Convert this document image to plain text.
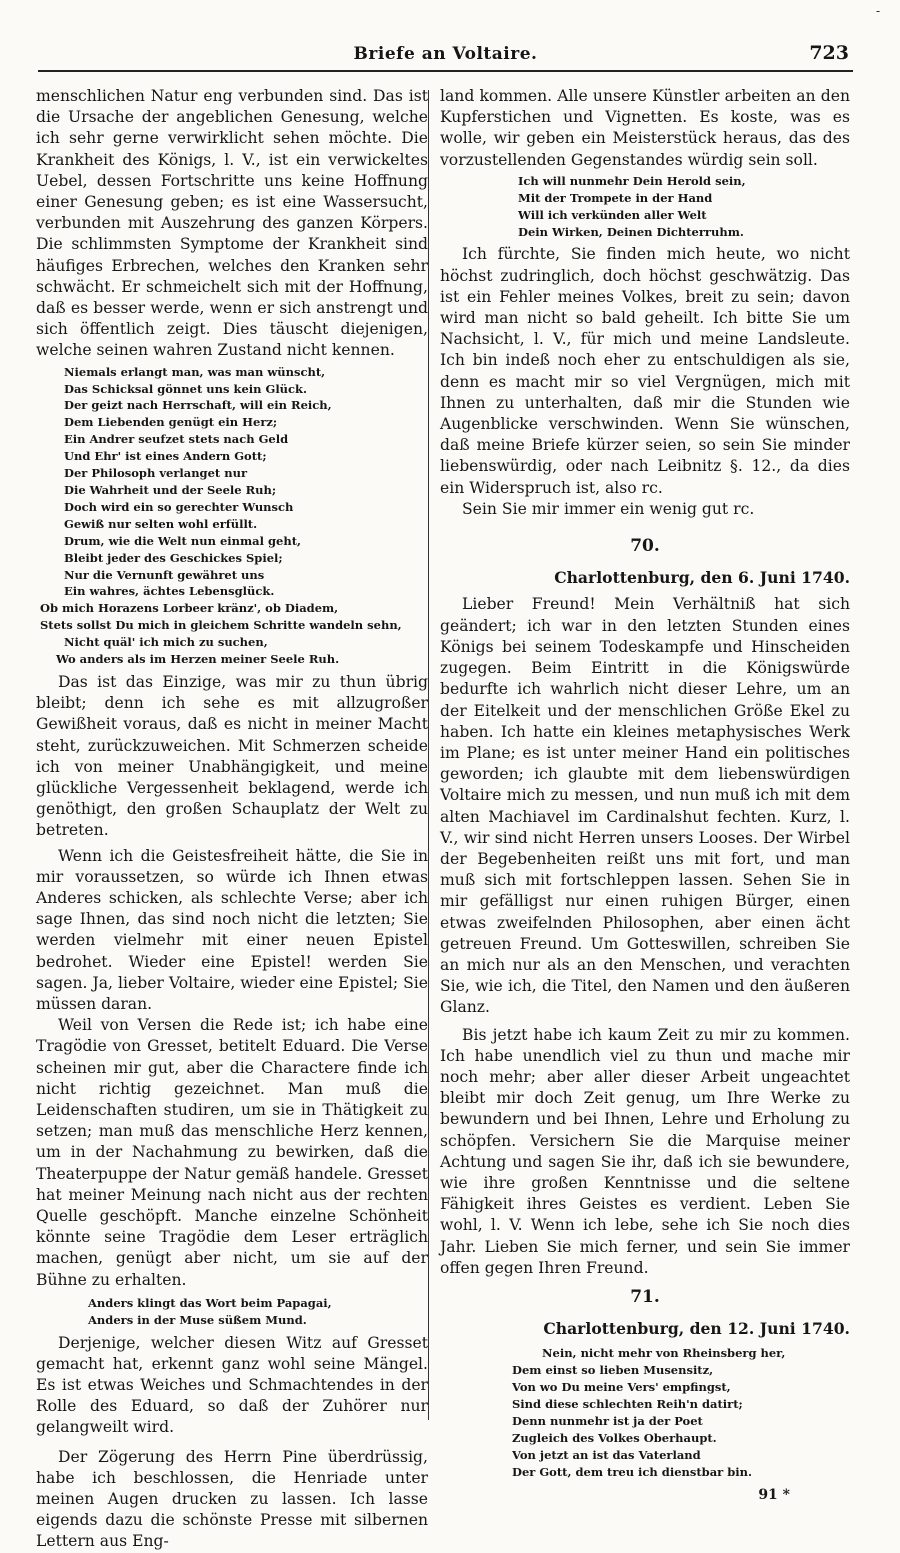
-
Briefe an Voltaire.	723

menschlichen Natur eng verbunden sind. Das ist die Ursache der angeblichen Genesung, welche ich sehr gerne verwirklicht sehen möchte. Die Krankheit des Königs, l. V., ist ein verwickeltes Uebel, dessen Fortschritte uns keine Hoffnung einer Genesung geben; es ist eine Wassersucht, verbunden mit Auszehrung des ganzen Körpers. Die schlimmsten Symptome der Krankheit sind häufiges Erbrechen, welches den Kranken sehr schwächt. Er schmeichelt sich mit der Hoffnung, daß es besser werde, wenn er sich anstrengt und sich öffentlich zeigt. Dies täuscht diejenigen, welche seinen wahren Zustand nicht kennen.

Niemals erlangt man, was man wünscht,
Das Schicksal gönnet uns kein Glück.
Der geizt nach Herrschaft, will ein Reich,
Dem Liebenden genügt ein Herz;
Ein Andrer seufzet stets nach Geld
Und Ehr' ist eines Andern Gott;
Der Philosoph verlanget nur
Die Wahrheit und der Seele Ruh;
Doch wird ein so gerechter Wunsch
Gewiß nur selten wohl erfüllt.
Drum, wie die Welt nun einmal geht,
Bleibt jeder des Geschickes Spiel;
Nur die Vernunft gewähret uns
Ein wahres, ächtes Lebensglück.
Ob mich Horazens Lorbeer kränz', ob Diadem,
Stets sollst Du mich in gleichem Schritte wandeln sehn,
Nicht quäl' ich mich zu suchen,
Wo anders als im Herzen meiner Seele Ruh.

Das ist das Einzige, was mir zu thun übrig bleibt; denn ich sehe es mit allzugroßer Gewißheit voraus, daß es nicht in meiner Macht steht, zurückzuweichen. Mit Schmerzen scheide ich von meiner Unabhängigkeit, und meine glückliche Vergessenheit beklagend, werde ich genöthigt, den großen Schauplatz der Welt zu betreten.

Wenn ich die Geistesfreiheit hätte, die Sie in mir voraussetzen, so würde ich Ihnen etwas Anderes schicken, als schlechte Verse; aber ich sage Ihnen, das sind noch nicht die letzten; Sie werden vielmehr mit einer neuen Epistel bedrohet. Wieder eine Epistel! werden Sie sagen. Ja, lieber Voltaire, wieder eine Epistel; Sie müssen daran.

Weil von Versen die Rede ist; ich habe eine Tragödie von Gresset, betitelt Eduard. Die Verse scheinen mir gut, aber die Charactere finde ich nicht richtig gezeichnet. Man muß die Leidenschaften studiren, um sie in Thätigkeit zu setzen; man muß das menschliche Herz kennen, um in der Nachahmung zu bewirken, daß die Theaterpuppe der Natur gemäß handele. Gresset hat meiner Meinung nach nicht aus der rechten Quelle geschöpft. Manche einzelne Schönheit könnte seine Tragödie dem Leser erträglich machen, genügt aber nicht, um sie auf der Bühne zu erhalten.

Anders klingt das Wort beim Papagai,
Anders in der Muse süßem Mund.

Derjenige, welcher diesen Witz auf Gresset gemacht hat, erkennt ganz wohl seine Mängel. Es ist etwas Weiches und Schmachtendes in der Rolle des Eduard, so daß der Zuhörer nur gelangweilt wird.

Der Zögerung des Herrn Pine überdrüssig, habe ich beschlossen, die Henriade unter meinen Augen drucken zu lassen. Ich lasse eigends dazu die schönste Presse mit silbernen Lettern aus Eng-

land kommen. Alle unsere Künstler arbeiten an den Kupferstichen und Vignetten. Es koste, was es wolle, wir geben ein Meisterstück heraus, das des vorzustellenden Gegenstandes würdig sein soll.

Ich will nunmehr Dein Herold sein,
Mit der Trompete in der Hand
Will ich verkünden aller Welt
Dein Wirken, Deinen Dichterruhm.

Ich fürchte, Sie finden mich heute, wo nicht höchst zudringlich, doch höchst geschwätzig. Das ist ein Fehler meines Volkes, breit zu sein; davon wird man nicht so bald geheilt. Ich bitte Sie um Nachsicht, l. V., für mich und meine Landsleute. Ich bin indeß noch eher zu entschuldigen als sie, denn es macht mir so viel Vergnügen, mich mit Ihnen zu unterhalten, daß mir die Stunden wie Augenblicke verschwinden. Wenn Sie wünschen, daß meine Briefe kürzer seien, so sein Sie minder liebenswürdig, oder nach Leibnitz §. 12., da dies ein Widerspruch ist, also rc.

Sein Sie mir immer ein wenig gut rc.

70.
Charlottenburg, den 6. Juni 1740.

Lieber Freund! Mein Verhältniß hat sich geändert; ich war in den letzten Stunden eines Königs bei seinem Todeskampfe und Hinscheiden zugegen. Beim Eintritt in die Königswürde bedurfte ich wahrlich nicht dieser Lehre, um an der Eitelkeit und der menschlichen Größe Ekel zu haben. Ich hatte ein kleines metaphysisches Werk im Plane; es ist unter meiner Hand ein politisches geworden; ich glaubte mit dem liebenswürdigen Voltaire mich zu messen, und nun muß ich mit dem alten Machiavel im Cardinalshut fechten. Kurz, l. V., wir sind nicht Herren unsers Looses. Der Wirbel der Begebenheiten reißt uns mit fort, und man muß sich mit fortschleppen lassen. Sehen Sie in mir gefälligst nur einen ruhigen Bürger, einen etwas zweifelnden Philosophen, aber einen ächt getreuen Freund. Um Gotteswillen, schreiben Sie an mich nur als an den Menschen, und verachten Sie, wie ich, die Titel, den Namen und den äußeren Glanz.

Bis jetzt habe ich kaum Zeit zu mir zu kommen. Ich habe unendlich viel zu thun und mache mir noch mehr; aber aller dieser Arbeit ungeachtet bleibt mir doch Zeit genug, um Ihre Werke zu bewundern und bei Ihnen, Lehre und Erholung zu schöpfen. Versichern Sie die Marquise meiner Achtung und sagen Sie ihr, daß ich sie bewundere, wie ihre großen Kenntnisse und die seltene Fähigkeit ihres Geistes es verdient. Leben Sie wohl, l. V. Wenn ich lebe, sehe ich Sie noch dies Jahr. Lieben Sie mich ferner, und sein Sie immer offen gegen Ihren Freund.

71.
Charlottenburg, den 12. Juni 1740.
Nein, nicht mehr von Rheinsberg her,
Dem einst so lieben Musensitz,
Von wo Du meine Vers' empfingst,
Sind diese schlechten Reih'n datirt;
Denn nunmehr ist ja der Poet
Zugleich des Volkes Oberhaupt.
Von jetzt an ist das Vaterland
Der Gott, dem treu ich dienstbar bin.
91 *
